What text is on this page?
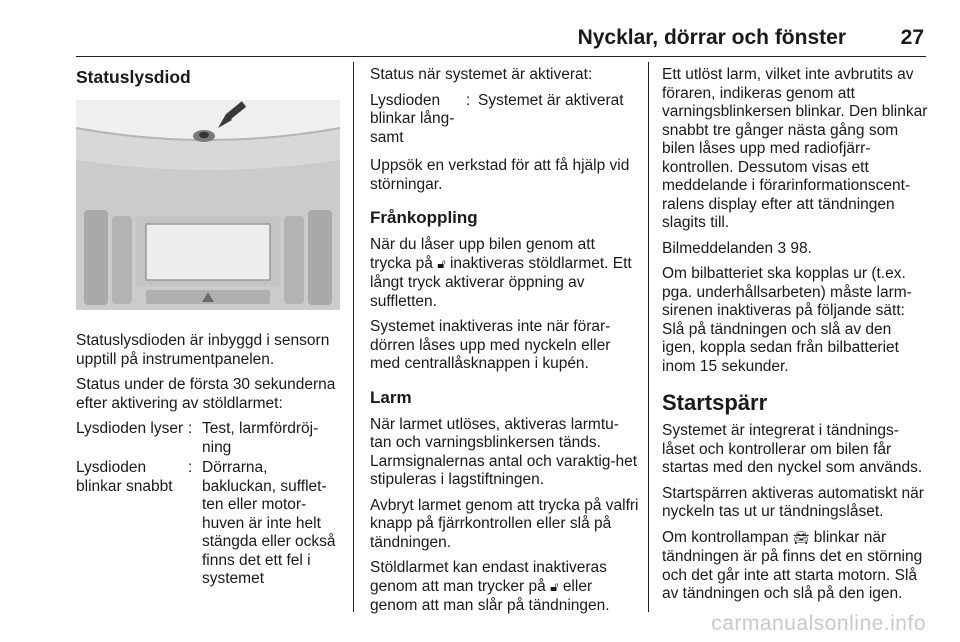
Nycklar, dörrar och fönster	27
Statuslysdiod

Statuslysdioden är inbyggd i sensorn upptill på instrumentpanelen.

Status under de första 30 sekunderna efter aktivering av stöldlarmet:

Lysdioden lyser : Test, larmfördröj-ning
Lysdioden blinkar snabbt
: Dörrarna, bakluckan, sufflet-ten eller motor-huven är inte helt stängda eller också finns det ett fel i systemet

Status när systemet är aktiverat:

Lysdioden blinkar lång-samt
: Systemet är aktiverat

Uppsök en verkstad för att få hjälp vid störningar.

Frånkoppling

När du låser upp bilen genom att trycka på 🔓︎ inaktiveras stöldlarmet. Ett långt tryck aktiverar öppning av suffletten.

Systemet inaktiveras inte när förar-dörren låses upp med nyckeln eller med centrallåsknappen i kupén.

Larm

När larmet utlöses, aktiveras larmtu-tan och varningsblinkersen tänds. Larmsignalernas antal och varaktig-het stipuleras i lagstiftningen.

Avbryt larmet genom att trycka på valfri knapp på fjärrkontrollen eller slå på tändningen.

Stöldlarmet kan endast inaktiveras genom att man trycker på 🔓︎ eller genom att man slår på tändningen.

Ett utlöst larm, vilket inte avbrutits av föraren, indikeras genom att varningsblinkersen blinkar. Den blinkar snabbt tre gånger nästa gång som bilen låses upp med radiofjärr-kontrollen. Dessutom visas ett meddelande i förarinformationscent-ralens display efter att tändningen slagits till.

Bilmeddelanden 3 98.

Om bilbatteriet ska kopplas ur (t.ex. pga. underhållsarbeten) måste larm-sirenen inaktiveras på följande sätt: Slå på tändningen och slå av den igen, koppla sedan från bilbatteriet inom 15 sekunder.

Startspärr

Systemet är integrerat i tändnings-låset och kontrollerar om bilen får startas med den nyckel som används.

Startspärren aktiveras automatiskt när nyckeln tas ut ur tändningslåset.

Om kontrollampan 🚘︎ blinkar när tändningen är på finns det en störning och det går inte att starta motorn. Slå av tändningen och slå på den igen.

carmanualsonline.info
